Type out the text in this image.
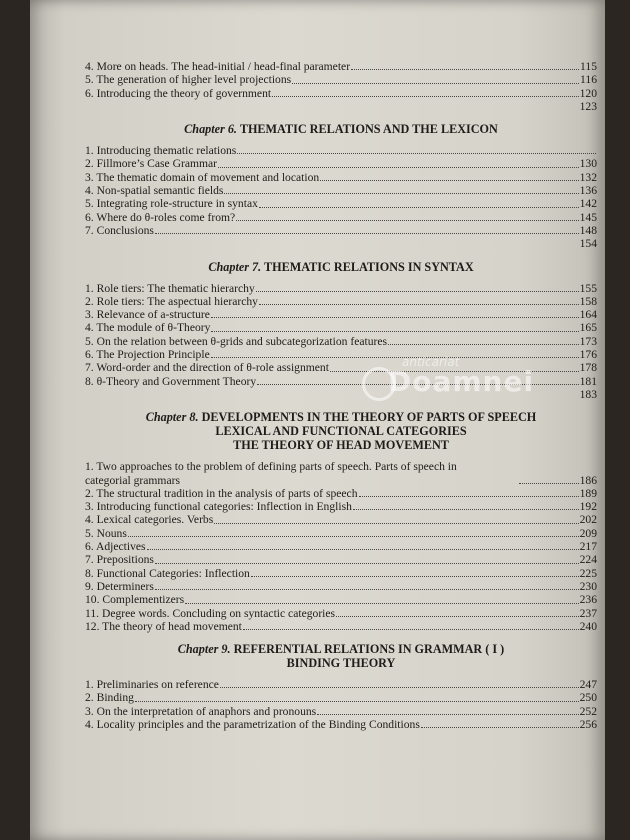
4. More on heads. The head-initial / head-final parameter	115
5. The generation of higher level projections	116
6. Introducing the theory of government	120
123
Chapter 6. THEMATIC RELATIONS AND THE LEXICON
1. Introducing thematic relations
2. Fillmore’s Case Grammar	130
3. The thematic domain of movement and location	132
4. Non-spatial semantic fields	136
5. Integrating role-structure in syntax	142
6. Where do θ-roles come from?	145
7. Conclusions	148
154
Chapter 7. THEMATIC RELATIONS IN SYNTAX
1. Role tiers: The thematic hierarchy	155
2. Role tiers: The aspectual hierarchy	158
3. Relevance of a-structure	164
4. The module of θ-Theory	165
5. On the relation between θ-grids and subcategorization features	173
6. The Projection Principle	176
7. Word-order and the direction of θ-role assignment	178
8. θ-Theory and Government Theory	181
183
Chapter 8. DEVELOPMENTS IN THE THEORY OF PARTS OF SPEECH
LEXICAL AND FUNCTIONAL CATEGORIES
THE THEORY OF HEAD MOVEMENT
1. Two approaches to the problem of defining parts of speech. Parts of speech in categorial grammars	186
2. The structural tradition in the analysis of parts of speech	189
3. Introducing functional categories: Inflection in English	192
4. Lexical categories. Verbs	202
5. Nouns	209
6. Adjectives	217
7. Prepositions	224
8. Functional Categories: Inflection	225
9. Determiners	230
10. Complementizers	236
11. Degree words. Concluding on syntactic categories	237
12. The theory of head movement	240
Chapter 9. REFERENTIAL RELATIONS IN GRAMMAR ( I )
BINDING THEORY
1. Preliminaries on reference	247
2. Binding	250
3. On the interpretation of anaphors and pronouns	252
4. Locality principles and the parametrization of the Binding Conditions	256
anticariat
Doamnei
